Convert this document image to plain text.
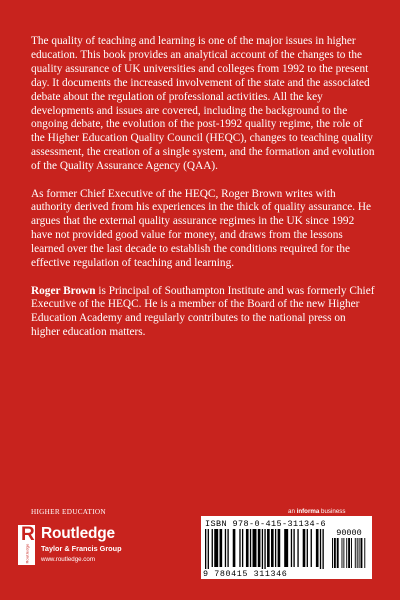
The quality of teaching and learning is one of the major issues in higher education. This book provides an analytical account of the changes to the quality assurance of UK universities and colleges from 1992 to the present day. It documents the increased involvement of the state and the associated debate about the regulation of professional activities. All the key developments and issues are covered, including the background to the ongoing debate, the evolution of the post-1992 quality regime, the role of the Higher Education Quality Council (HEQC), changes to teaching quality assessment, the creation of a single system, and the formation and evolution of the Quality Assurance Agency (QAA).

As former Chief Executive of the HEQC, Roger Brown writes with authority derived from his experiences in the thick of quality assurance. He argues that the external quality assurance regimes in the UK since 1992 have not provided good value for money, and draws from the lessons learned over the last decade to establish the conditions required for the effective regulation of teaching and learning.

Roger Brown is Principal of Southampton Institute and was formerly Chief Executive of the HEQC. He is a member of the Board of the new Higher Education Academy and regularly contributes to the national press on higher education matters.

HIGHER EDUCATION
R
Routledge
Routledge
Taylor & Francis Group
www.routledge.com
an informa business
ISBN 978-0-415-31134-6
90000
9 780415 311346
